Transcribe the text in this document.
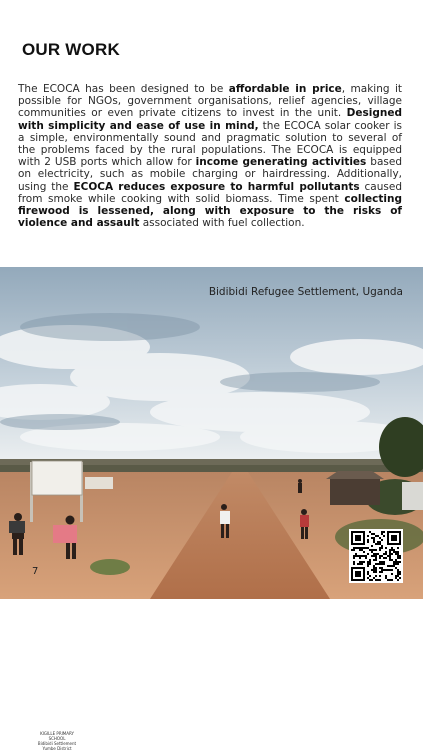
OUR WORK

The ECOCA has been designed to be affordable in price, making it possible for NGOs, government organisations, relief agencies, village communities or even private citizens to invest in the unit. Designed with simplicity and ease of use in mind, the ECOCA solar cooker is a simple, environmentally sound and pragmatic solution to several of the problems faced by the rural populations. The ECOCA is equipped with 2 USB ports which allow for income generating activities based on electricity, such as mobile charging or hairdressing. Additionally, using the ECOCA reduces exposure to harmful pollutants caused from smoke while cooking with solid biomass. Time spent collecting firewood is lessened, along with exposure to the risks of violence and assault associated with fuel collection.

KIGILLE PRIMARY SCHOOL
Bidibidi Settlement
Yumbe District
Bidibidi Refugee Settlement, Uganda
7
